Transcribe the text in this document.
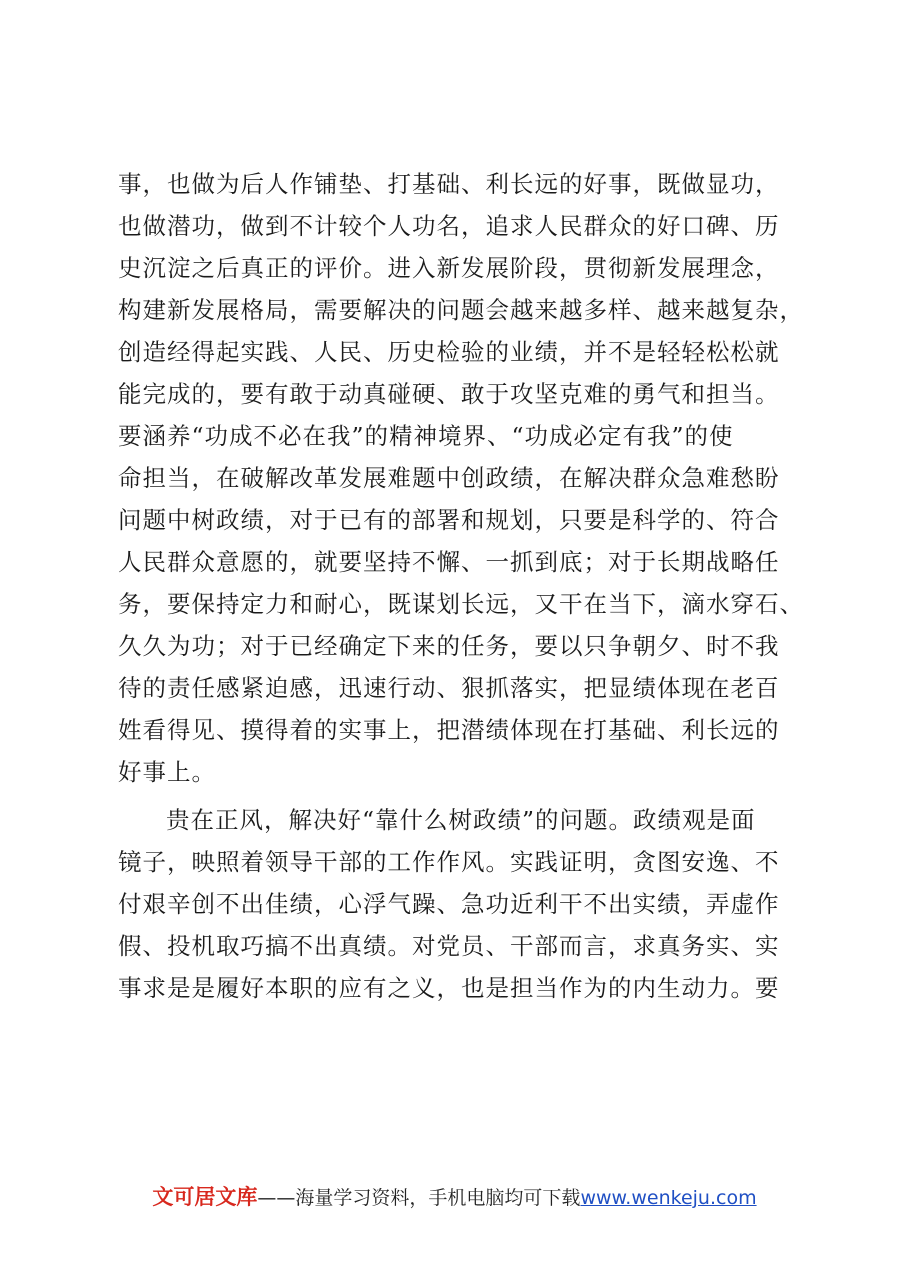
事，也做为后人作铺垫、打基础、利长远的好事，既做显功，
也做潜功，做到不计较个人功名，追求人民群众的好口碑、历
史沉淀之后真正的评价。进入新发展阶段，贯彻新发展理念，
构建新发展格局，需要解决的问题会越来越多样、越来越复杂，
创造经得起实践、人民、历史检验的业绩，并不是轻轻松松就
能完成的，要有敢于动真碰硬、敢于攻坚克难的勇气和担当。
要涵养“功成不必在我”的精神境界、“功成必定有我”的使
命担当，在破解改革发展难题中创政绩，在解决群众急难愁盼
问题中树政绩，对于已有的部署和规划，只要是科学的、符合
人民群众意愿的，就要坚持不懈、一抓到底；对于长期战略任
务，要保持定力和耐心，既谋划长远，又干在当下，滴水穿石、
久久为功；对于已经确定下来的任务，要以只争朝夕、时不我
待的责任感紧迫感，迅速行动、狠抓落实，把显绩体现在老百
姓看得见、摸得着的实事上，把潜绩体现在打基础、利长远的
好事上。
贵在正风，解决好“靠什么树政绩”的问题。政绩观是面
镜子，映照着领导干部的工作作风。实践证明，贪图安逸、不
付艰辛创不出佳绩，心浮气躁、急功近利干不出实绩，弄虚作
假、投机取巧搞不出真绩。对党员、干部而言，求真务实、实
事求是是履好本职的应有之义，也是担当作为的内生动力。要
文可居文库——海量学习资料，手机电脑均可下载www.wenkeju.com
